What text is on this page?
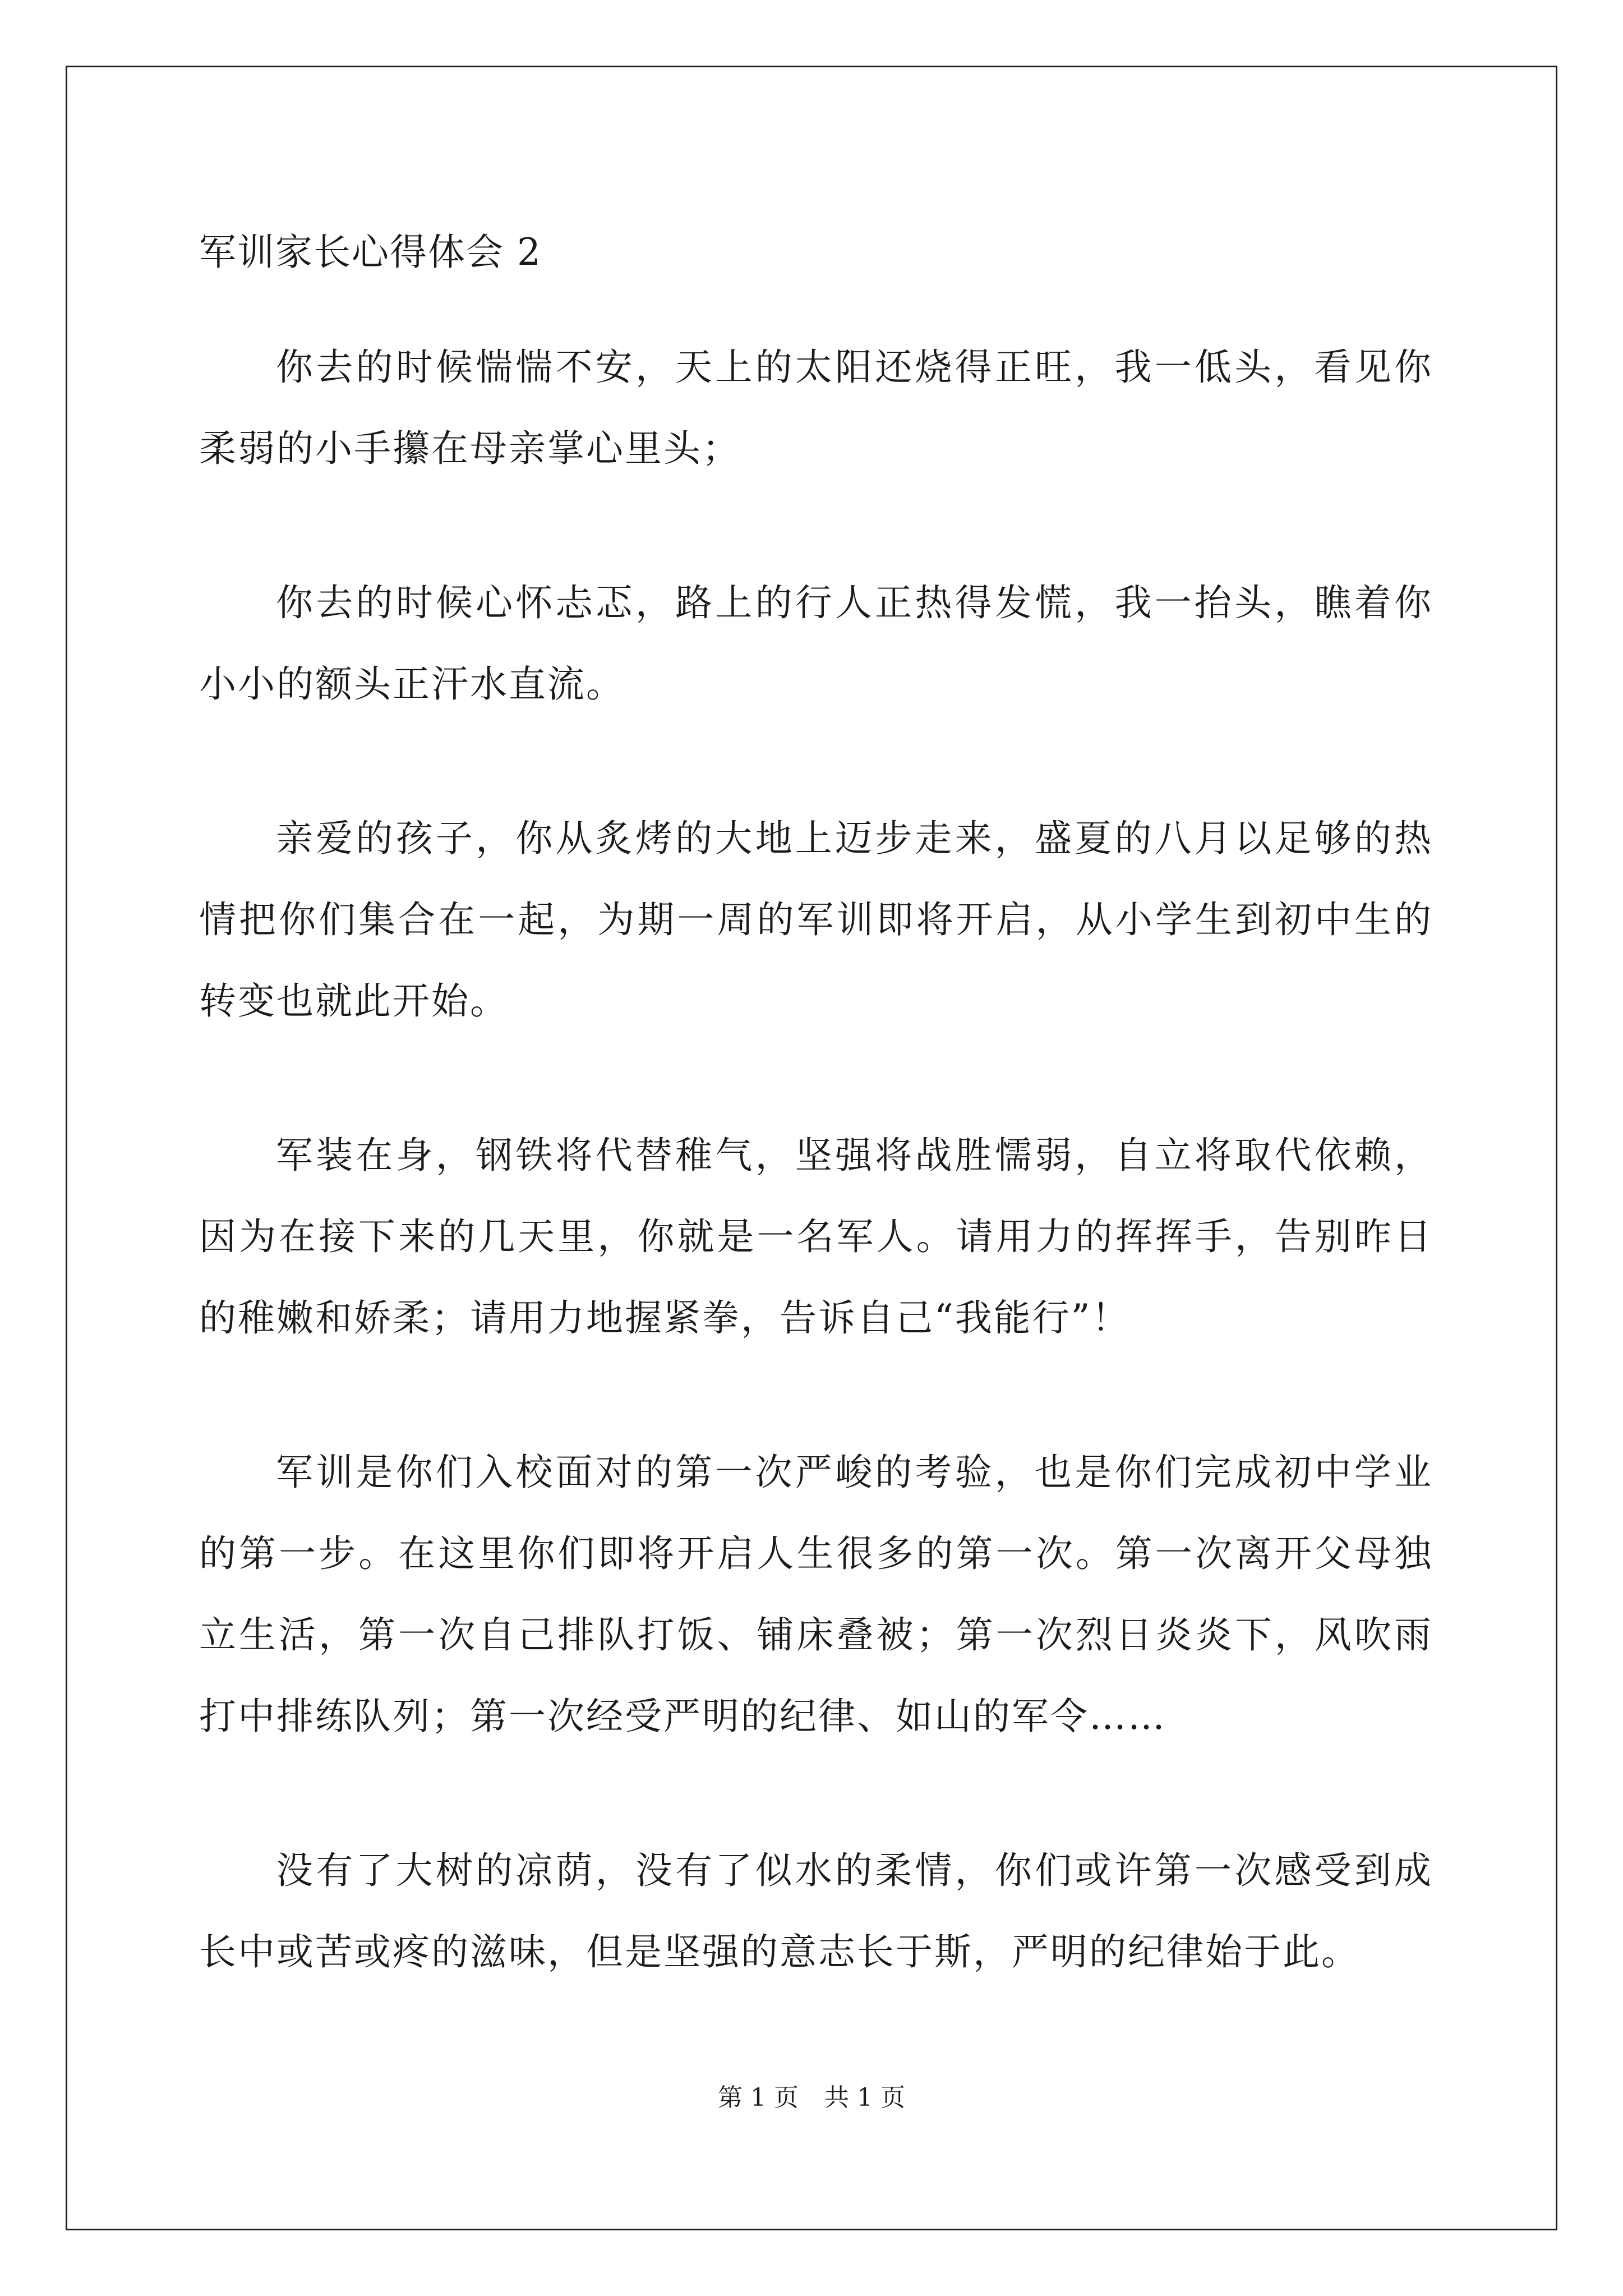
军训家长心得体会 2

你去的时候惴惴不安，天上的太阳还烧得正旺，我一低头，看见你柔弱的小手攥在母亲掌心里头；

你去的时候心怀忐忑，路上的行人正热得发慌，我一抬头，瞧着你小小的额头正汗水直流。

亲爱的孩子，你从炙烤的大地上迈步走来，盛夏的八月以足够的热情把你们集合在一起，为期一周的军训即将开启，从小学生到初中生的转变也就此开始。

军装在身，钢铁将代替稚气，坚强将战胜懦弱，自立将取代依赖，因为在接下来的几天里，你就是一名军人。请用力的挥挥手，告别昨日的稚嫩和娇柔；请用力地握紧拳，告诉自己“我能行”！

军训是你们入校面对的第一次严峻的考验，也是你们完成初中学业的第一步。在这里你们即将开启人生很多的第一次。第一次离开父母独立生活，第一次自己排队打饭、铺床叠被；第一次烈日炎炎下，风吹雨打中排练队列；第一次经受严明的纪律、如山的军令……

没有了大树的凉荫，没有了似水的柔情，你们或许第一次感受到成长中或苦或疼的滋味，但是坚强的意志长于斯，严明的纪律始于此。

第 1 页 共 1 页
